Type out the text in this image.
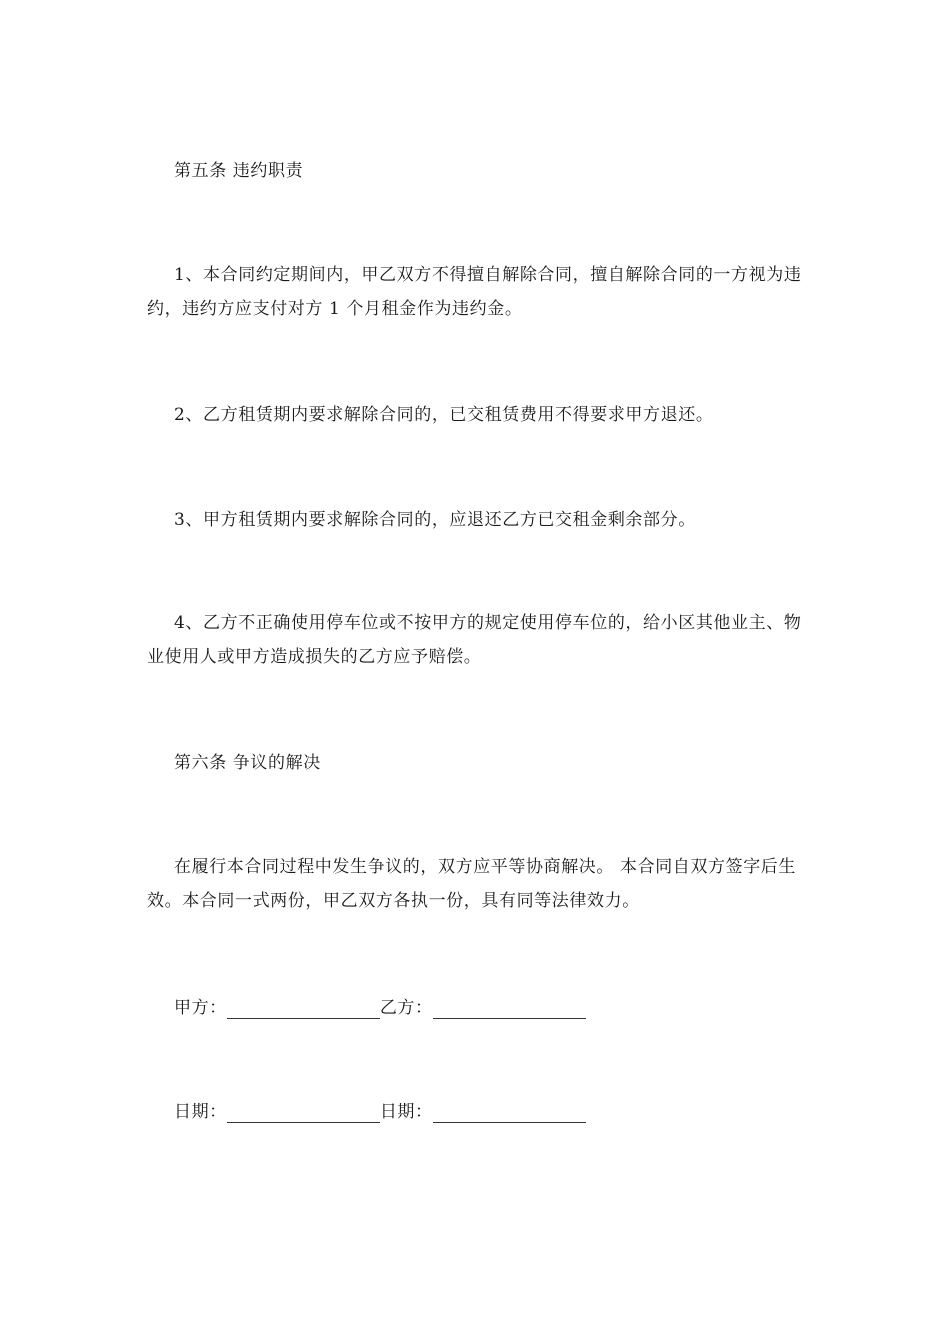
第五条 违约职责
1、本合同约定期间内，甲乙双方不得擅自解除合同，擅自解除合同的一方视为违约，违约方应支付对方 1 个月租金作为违约金。
2、乙方租赁期内要求解除合同的，已交租赁费用不得要求甲方退还。
3、甲方租赁期内要求解除合同的，应退还乙方已交租金剩余部分。
4、乙方不正确使用停车位或不按甲方的规定使用停车位的，给小区其他业主、物业使用人或甲方造成损失的乙方应予赔偿。
第六条 争议的解决
在履行本合同过程中发生争议的，双方应平等协商解决。 本合同自双方签字后生效。本合同一式两份，甲乙双方各执一份，具有同等法律效力。
甲方：	乙方：
日期：	日期：
